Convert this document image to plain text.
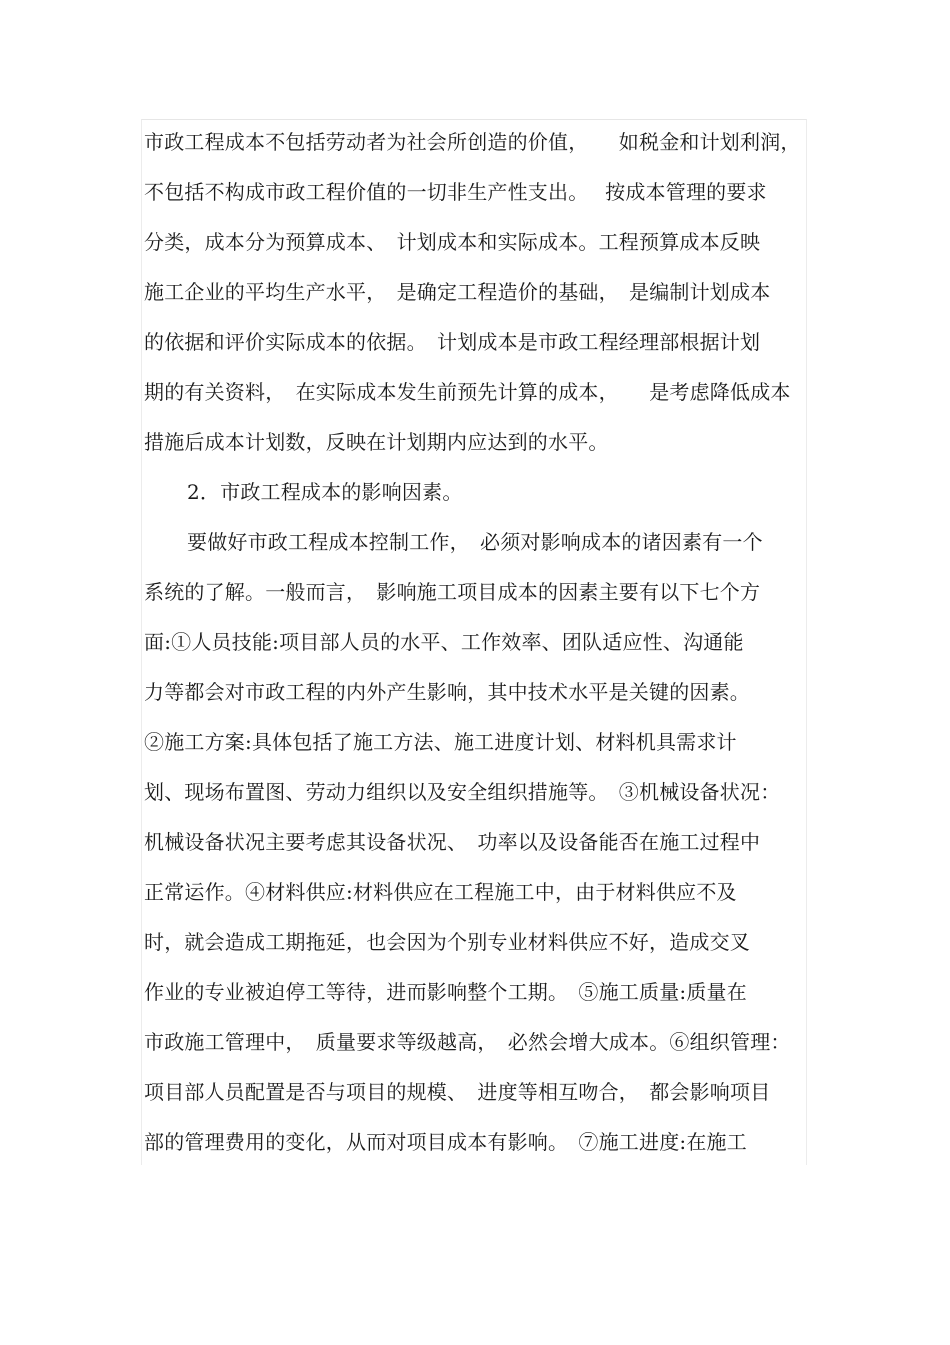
市政工程成本不包括劳动者为社会所创造的价值，　　如税金和计划利润，
不包括不构成市政工程价值的一切非生产性支出。　 按成本管理的要求
分类，成本分为预算成本、　计划成本和实际成本。工程预算成本反映
施工企业的平均生产水平，　是确定工程造价的基础，　是编制计划成本
的依据和评价实际成本的依据。　计划成本是市政工程经理部根据计划
期的有关资料，　在实际成本发生前预先计算的成本，　　是考虑降低成本
措施后成本计划数，反映在计划期内应达到的水平。
2．市政工程成本的影响因素。
要做好市政工程成本控制工作，　必须对影响成本的诸因素有一个
系统的了解。一般而言，　影响施工项目成本的因素主要有以下七个方
面:①人员技能:项目部人员的水平、工作效率、团队适应性、沟通能
力等都会对市政工程的内外产生影响，其中技术水平是关键的因素。
②施工方案:具体包括了施工方法、施工进度计划、材料机具需求计
划、现场布置图、劳动力组织以及安全组织措施等。　③机械设备状况：
机械设备状况主要考虑其设备状况、　功率以及设备能否在施工过程中
正常运作。④材料供应:材料供应在工程施工中，由于材料供应不及
时，就会造成工期拖延，也会因为个别专业材料供应不好，造成交叉
作业的专业被迫停工等待，进而影响整个工期。　⑤施工质量:质量在
市政施工管理中，　质量要求等级越高，　必然会增大成本。⑥组织管理：
项目部人员配置是否与项目的规模、　进度等相互吻合，　都会影响项目
部的管理费用的变化，从而对项目成本有影响。　⑦施工进度:在施工
